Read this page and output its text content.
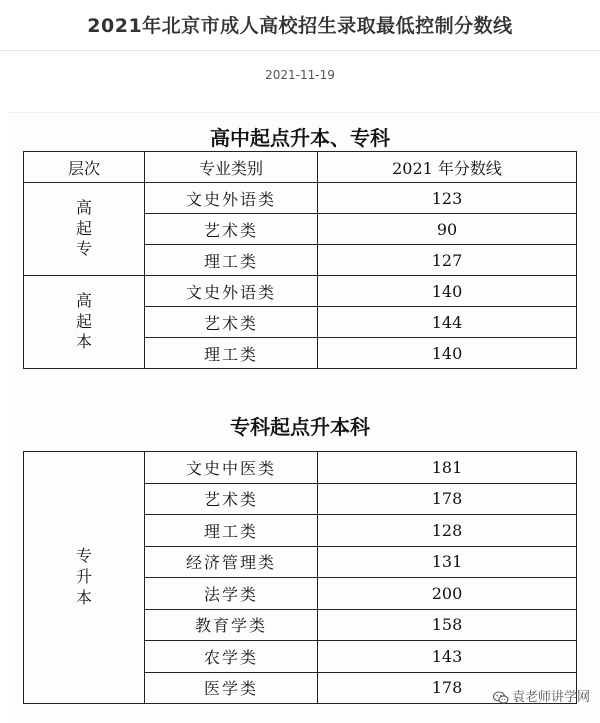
2021年北京市成人高校招生录取最低控制分数线
2021-11-19
高中起点升本、专科
层次	专业类别	2021 年分数线

高
起
专	文史外语类	123
	艺术类	90
	理工类	127

高
起
本	文史外语类	140
	艺术类	144
	理工类	140
专科起点升本科
专
升
本	文史中医类	181
	艺术类	178
	理工类	128
	经济管理类	131
	法学类	200
	教育学类	158
	农学类	143
	医学类	178
袁老师讲学网
